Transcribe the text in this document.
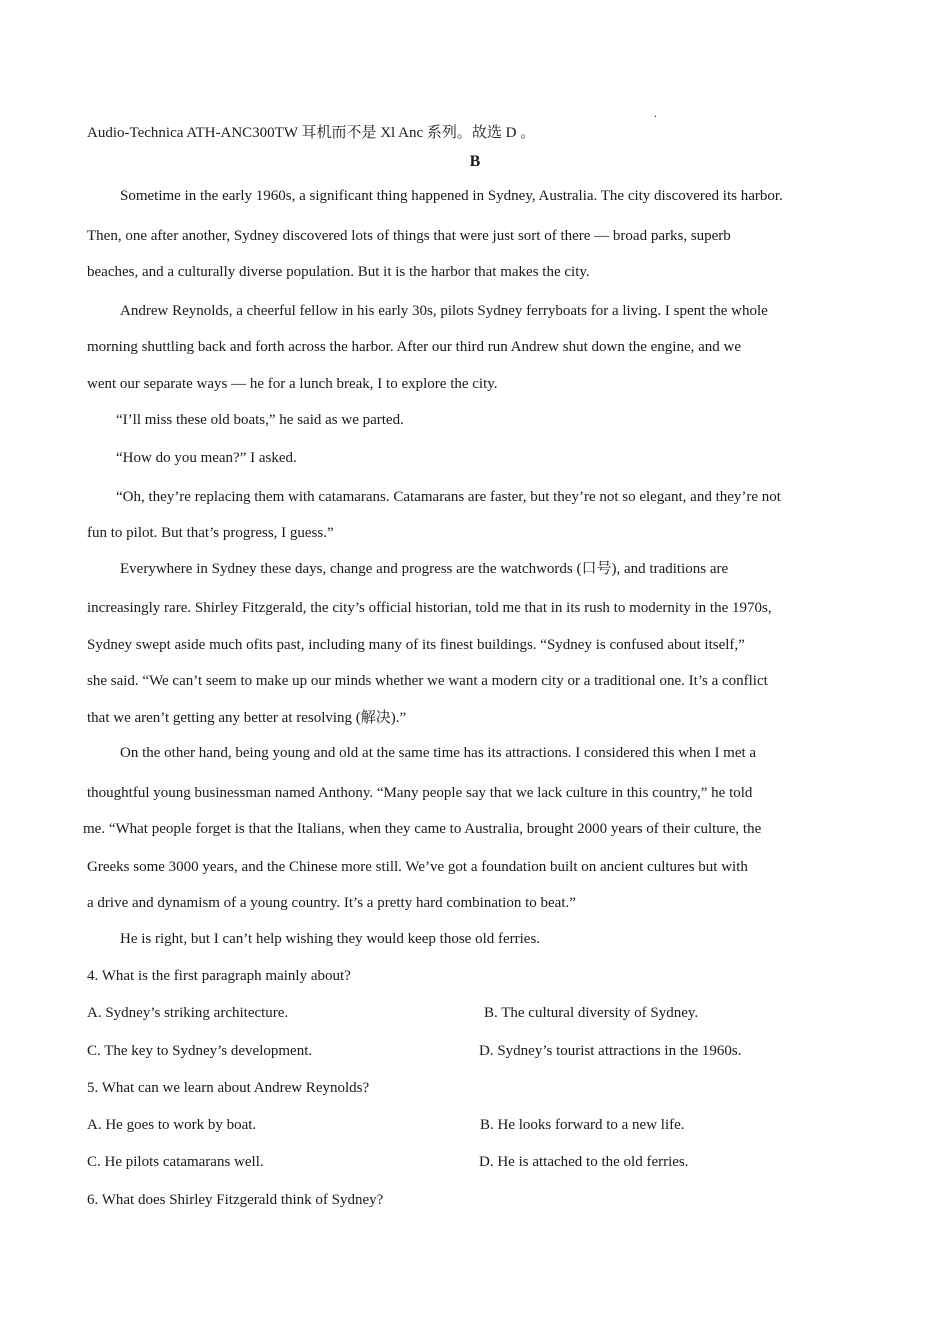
.
Audio-Technica ATH-ANC300TW 耳机而不是 Xl Anc 系列。故选 D 。
B
Sometime in the early 1960s, a significant thing happened in Sydney, Australia. The city discovered its harbor.
Then, one after another, Sydney discovered lots of things that were just sort of there — broad parks, superb
beaches, and a culturally diverse population. But it is the harbor that makes the city.
Andrew Reynolds, a cheerful fellow in his early 30s, pilots Sydney ferryboats for a living. I spent the whole
morning shuttling back and forth across the harbor. After our third run Andrew shut down the engine, and we
went our separate ways — he for a lunch break, I to explore the city.
“I’ll miss these old boats,” he said as we parted.
“How do you mean?” I asked.
“Oh, they’re replacing them with catamarans. Catamarans are faster, but they’re not so elegant, and they’re not
fun to pilot. But that’s progress, I guess.”
Everywhere in Sydney these days, change and progress are the watchwords (口号), and traditions are
increasingly rare. Shirley Fitzgerald, the city’s official historian, told me that in its rush to modernity in the 1970s,
Sydney swept aside much ofits past, including many of its finest buildings. “Sydney is confused about itself,”
she said. “We can’t seem to make up our minds whether we want a modern city or a traditional one. It’s a conflict
that we aren’t getting any better at resolving (解决).”
On the other hand, being young and old at the same time has its attractions. I considered this when I met a
thoughtful young businessman named Anthony. “Many people say that we lack culture in this country,” he told
me. “What people forget is that the Italians, when they came to Australia, brought 2000 years of their culture, the
Greeks some 3000 years, and the Chinese more still. We’ve got a foundation built on ancient cultures but with
a drive and dynamism of a young country. It’s a pretty hard combination to beat.”
He is right, but I can’t help wishing they would keep those old ferries.
4. What is the first paragraph mainly about?
A. Sydney’s striking architecture.	B. The cultural diversity of Sydney.
C. The key to Sydney’s development.	D. Sydney’s tourist attractions in the 1960s.
5. What can we learn about Andrew Reynolds?
A. He goes to work by boat.	B. He looks forward to a new life.
C. He pilots catamarans well.	D. He is attached to the old ferries.
6. What does Shirley Fitzgerald think of Sydney?
